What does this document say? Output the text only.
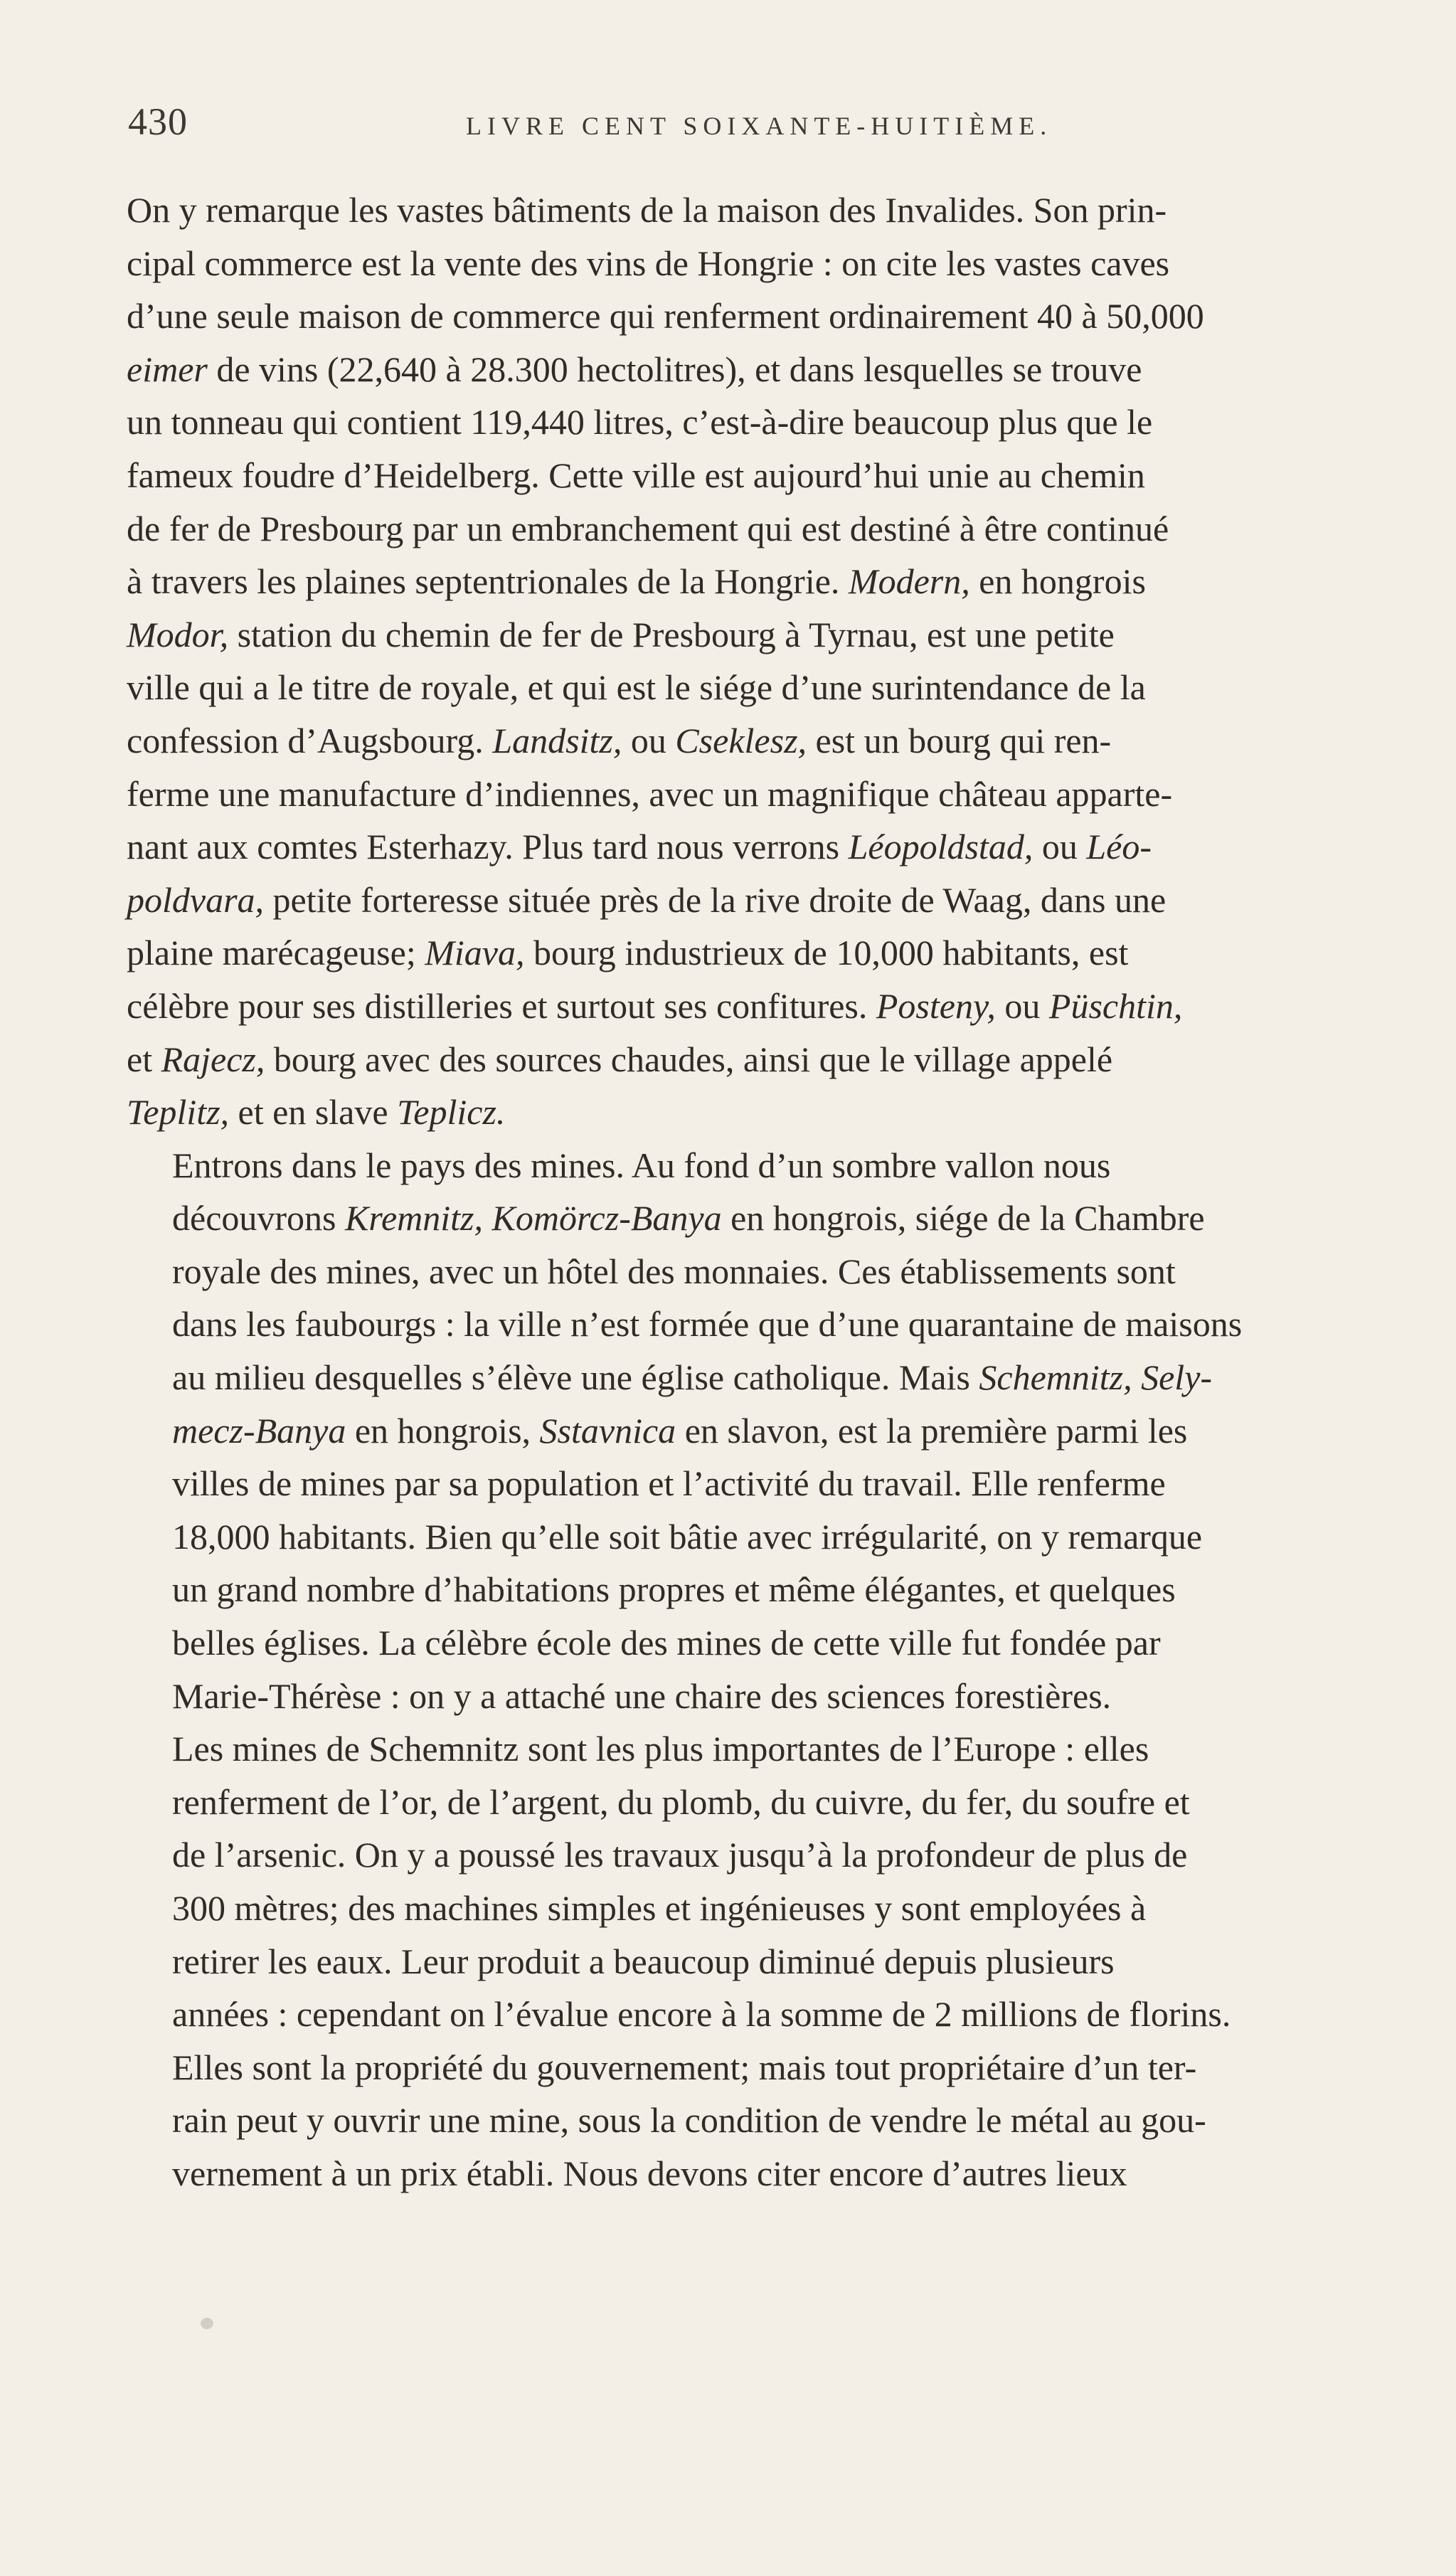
430	LIVRE CENT SOIXANTE-HUITIÈME.

On y remarque les vastes bâtiments de la maison des Invalides. Son prin-
cipal commerce est la vente des vins de Hongrie : on cite les vastes caves
d’une seule maison de commerce qui renferment ordinairement 40 à 50,000
eimer de vins (22,640 à 28.300 hectolitres), et dans lesquelles se trouve
un tonneau qui contient 119,440 litres, c’est-à-dire beaucoup plus que le
fameux foudre d’Heidelberg. Cette ville est aujourd’hui unie au chemin
de fer de Presbourg par un embranchement qui est destiné à être continué
à travers les plaines septentrionales de la Hongrie. Modern, en hongrois
Modor, station du chemin de fer de Presbourg à Tyrnau, est une petite
ville qui a le titre de royale, et qui est le siége d’une surintendance de la
confession d’Augsbourg. Landsitz, ou Cseklesz, est un bourg qui ren-
ferme une manufacture d’indiennes, avec un magnifique château apparte-
nant aux comtes Esterhazy. Plus tard nous verrons Léopoldstad, ou Léo-
poldvara, petite forteresse située près de la rive droite de Waag, dans une
plaine marécageuse; Miava, bourg industrieux de 10,000 habitants, est
célèbre pour ses distilleries et surtout ses confitures. Posteny, ou Püschtin,
et Rajecz, bourg avec des sources chaudes, ainsi que le village appelé
Teplitz, et en slave Teplicz.

Entrons dans le pays des mines. Au fond d’un sombre vallon nous
découvrons Kremnitz, Komörcz-Banya en hongrois, siége de la Chambre
royale des mines, avec un hôtel des monnaies. Ces établissements sont
dans les faubourgs : la ville n’est formée que d’une quarantaine de maisons
au milieu desquelles s’élève une église catholique. Mais Schemnitz, Sely-
mecz-Banya en hongrois, Sstavnica en slavon, est la première parmi les
villes de mines par sa population et l’activité du travail. Elle renferme
18,000 habitants. Bien qu’elle soit bâtie avec irrégularité, on y remarque
un grand nombre d’habitations propres et même élégantes, et quelques
belles églises. La célèbre école des mines de cette ville fut fondée par
Marie-Thérèse : on y a attaché une chaire des sciences forestières.

Les mines de Schemnitz sont les plus importantes de l’Europe : elles
renferment de l’or, de l’argent, du plomb, du cuivre, du fer, du soufre et
de l’arsenic. On y a poussé les travaux jusqu’à la profondeur de plus de
300 mètres; des machines simples et ingénieuses y sont employées à
retirer les eaux. Leur produit a beaucoup diminué depuis plusieurs
années : cependant on l’évalue encore à la somme de 2 millions de florins.
Elles sont la propriété du gouvernement; mais tout propriétaire d’un ter-
rain peut y ouvrir une mine, sous la condition de vendre le métal au gou-
vernement à un prix établi. Nous devons citer encore d’autres lieux
